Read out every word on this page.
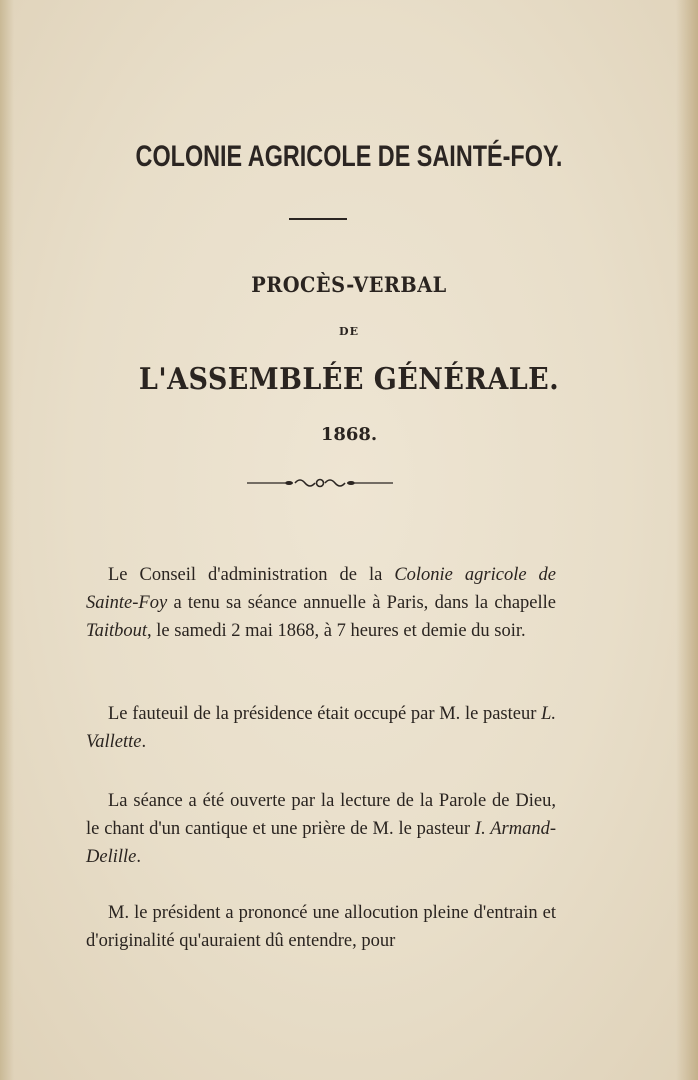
COLONIE AGRICOLE DE SAINTÉ-FOY.
PROCÈS-VERBAL
DE
L'ASSEMBLÉE GÉNÉRALE.
1868.
Le Conseil d'administration de la Colonie agricole de Sainte-Foy a tenu sa séance annuelle à Paris, dans la chapelle Taitbout, le samedi 2 mai 1868, à 7 heures et demie du soir.
Le fauteuil de la présidence était occupé par M. le pasteur L. Vallette.
La séance a été ouverte par la lecture de la Parole de Dieu, le chant d'un cantique et une prière de M. le pasteur I. Armand-Delille.
M. le président a prononcé une allocution pleine d'entrain et d'originalité qu'auraient dû entendre, pour
